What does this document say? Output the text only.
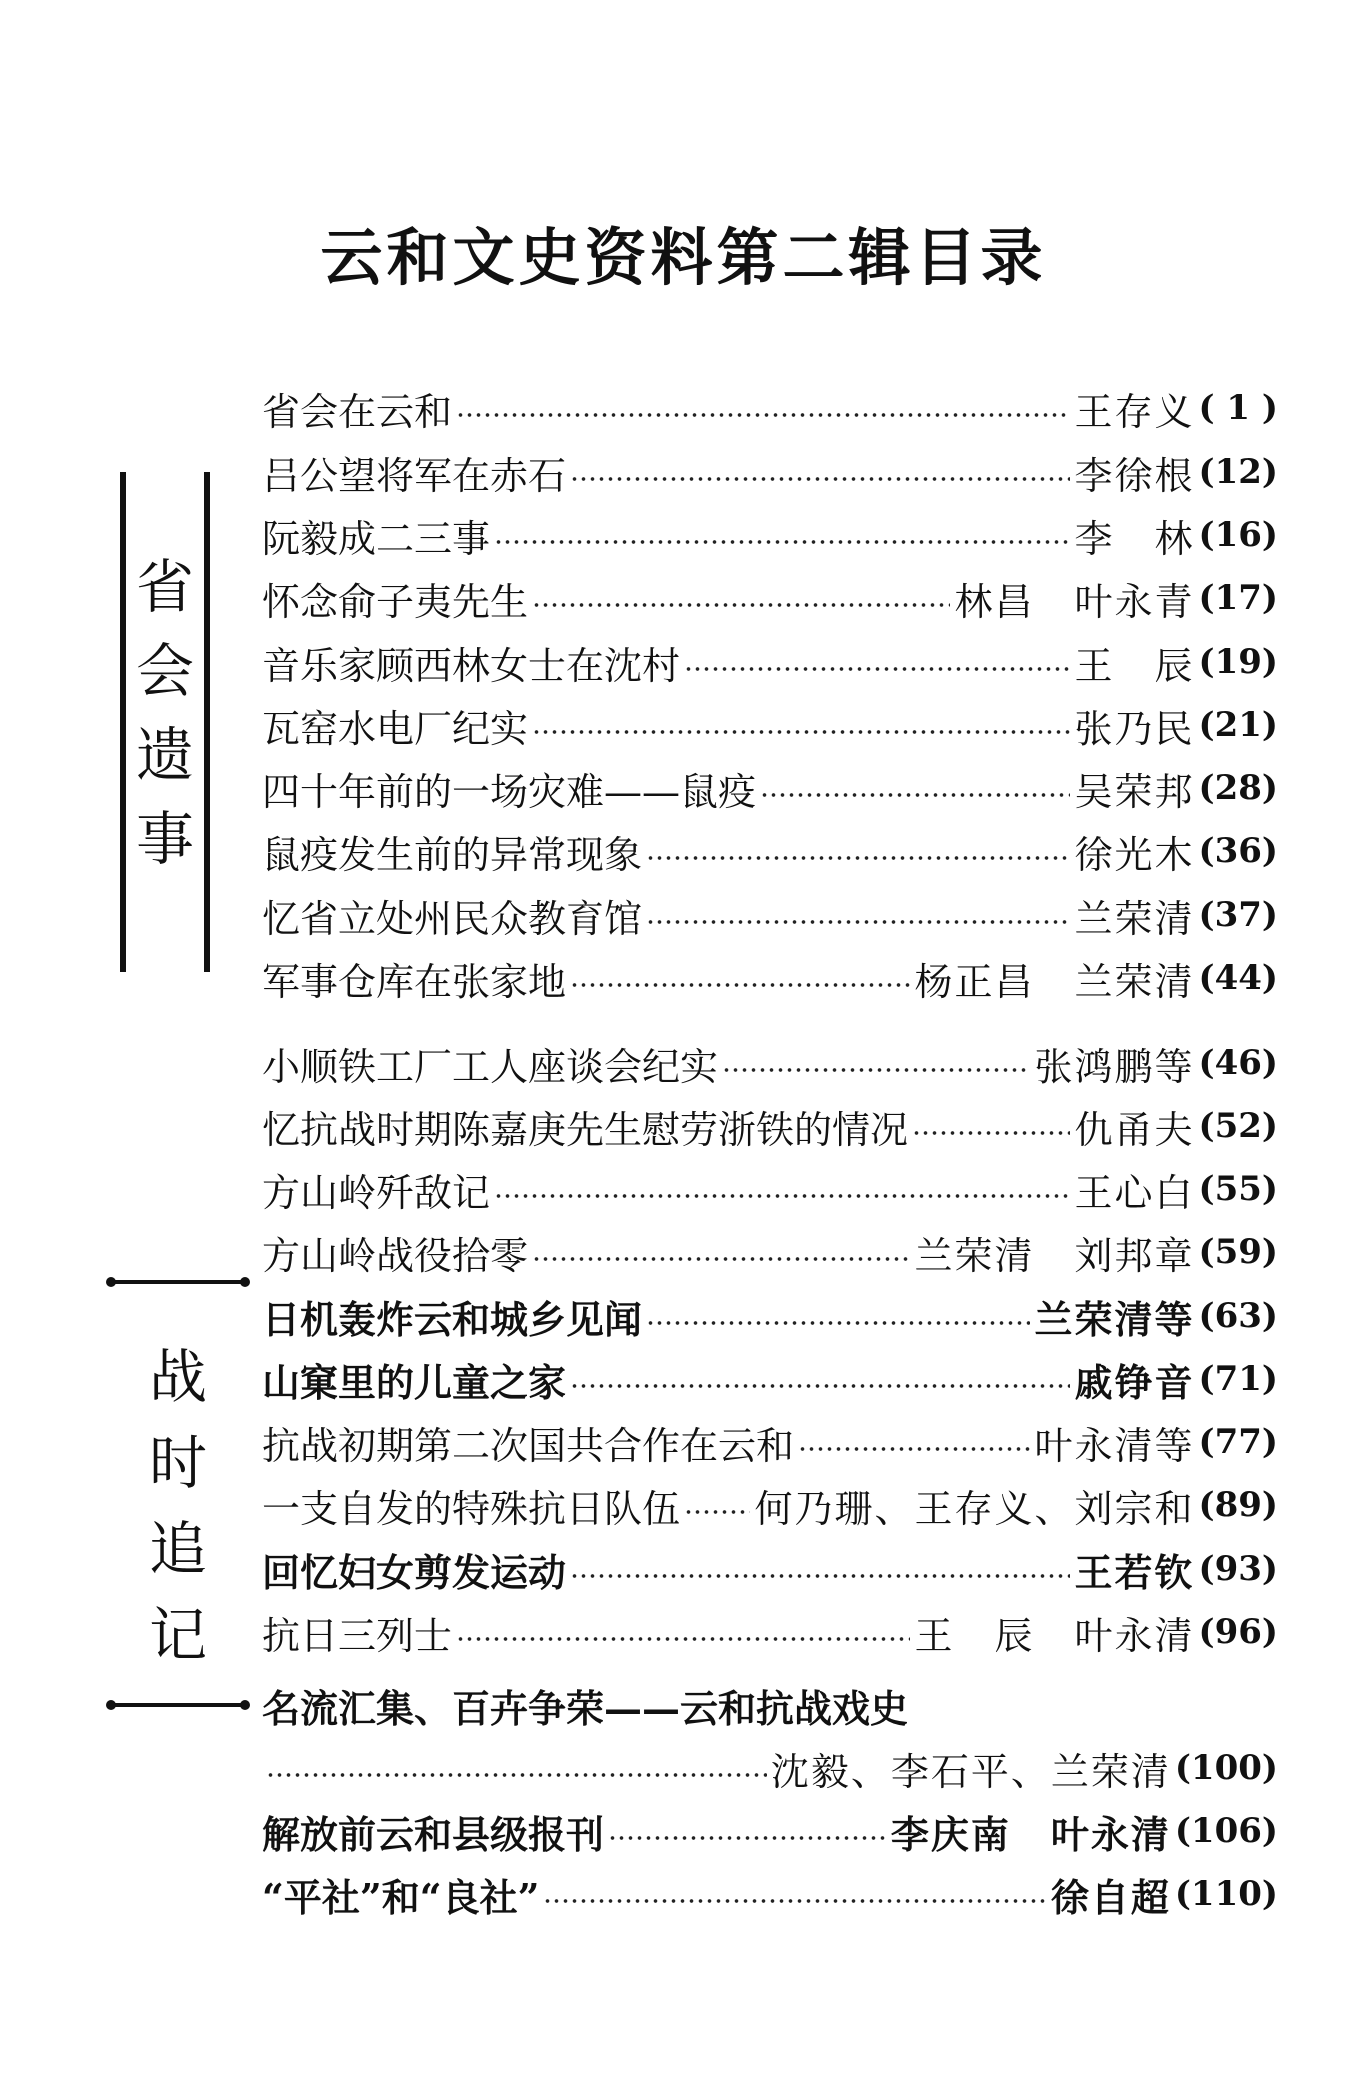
云和文史资料第二辑目录
省
会
遗
事
战
时
追
记
省会在云和	王存义 ( 1 )
吕公望将军在赤石	李徐根 (12)
阮毅成二三事	李　林 (16)
怀念俞子夷先生	林昌　叶永青 (17)
音乐家顾西林女士在沈村	王　辰 (19)
瓦窑水电厂纪实	张乃民 (21)
四十年前的一场灾难——鼠疫	吴荣邦 (28)
鼠疫发生前的异常现象	徐光木 (36)
忆省立处州民众教育馆	兰荣清 (37)
军事仓库在张家地	杨正昌　兰荣清 (44)
小顺铁工厂工人座谈会纪实	张鸿鹏等 (46)
忆抗战时期陈嘉庚先生慰劳浙铁的情况	仇甬夫 (52)
方山岭歼敌记	王心白 (55)
方山岭战役拾零	兰荣清　刘邦章 (59)
日机轰炸云和城乡见闻	兰荣清等 (63)
山窠里的儿童之家	戚铮音 (71)
抗战初期第二次国共合作在云和	叶永清等 (77)
一支自发的特殊抗日队伍 何乃珊、王存义、刘宗和 (89)
回忆妇女剪发运动	王若钦 (93)
抗日三列士	王　辰　叶永清 (96)
名流汇集、百卉争荣——云和抗战戏史
沈毅、李石平、兰荣清 (100)
解放前云和县级报刊	李庆南　叶永清 (106)
“平社”和“良社”	徐自超 (110)
